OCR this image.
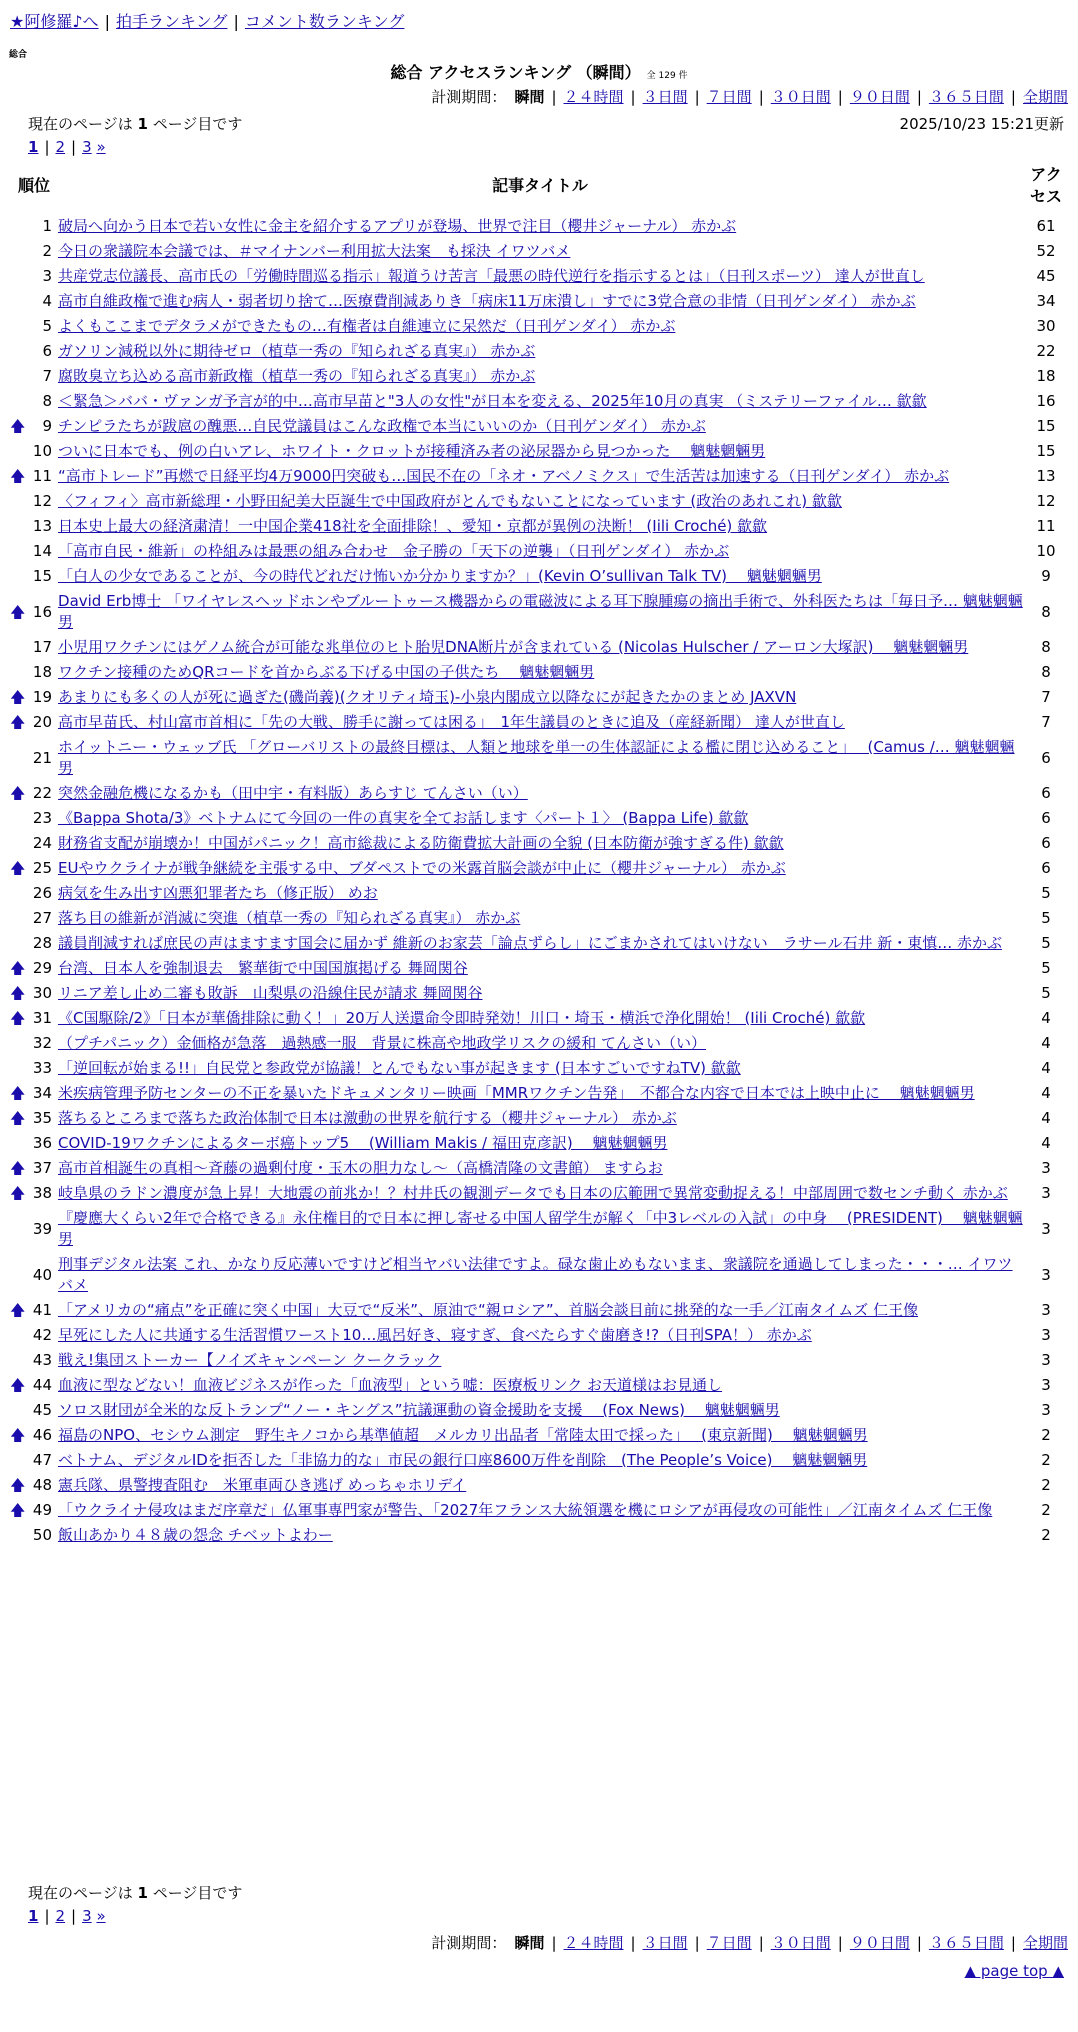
★阿修羅♪へ | 拍手ランキング | コメント数ランキング
総合
総合 アクセスランキング （瞬間） 全 129 件
計測期間： 瞬間 | ２４時間 | ３日間 | ７日間 | ３０日間 | ９０日間 | ３６５日間 | 全期間
現在のページは 1 ページ目です	2025/10/23 15:21更新
1 | 2 | 3 »
順位		記事タイトル	アクセス
	1	破局へ向かう日本で若い女性に金主を紹介するアプリが登場、世界で注目（櫻井ジャーナル） 赤かぶ	61
	2	今日の衆議院本会議では、＃マイナンバー利用拡大法案　も採決 イワツバメ	52
	3	共産党志位議長、高市氏の「労働時間巡る指示」報道うけ苦言「最悪の時代逆行を指示するとは」（日刊スポーツ） 達人が世直し	45
	4	高市自維政権で進む病人・弱者切り捨て…医療費削減ありき「病床11万床潰し」すでに3党合意の非情（日刊ゲンダイ） 赤かぶ	34
	5	よくもここまでデタラメができたもの…有権者は自維連立に呆然だ（日刊ゲンダイ） 赤かぶ	30
	6	ガソリン減税以外に期待ゼロ（植草一秀の『知られざる真実』） 赤かぶ	22
	7	腐敗臭立ち込める高市新政権（植草一秀の『知られざる真実』） 赤かぶ	18
	8	＜緊急＞ババ・ヴァンガ予言が的中…高市早苗と"3人の女性"が日本を変える、2025年10月の真実 （ミステリーファイル… 歙歙	16
🡅	9	チンピラたちが跋扈の醜悪…自民党議員はこんな政権で本当にいいのか（日刊ゲンダイ） 赤かぶ	15
	10	ついに日本でも、例の白いアレ、ホワイト・クロットが接種済み者の泌尿器から見つかった　 魑魅魍魎男	15
🡅	11	“高市トレード”再燃で日経平均4万9000円突破も…国民不在の「ネオ・アベノミクス」で生活苦は加速する（日刊ゲンダイ） 赤かぶ	13
	12	〈フィフィ〉高市新総理・小野田紀美大臣誕生で中国政府がとんでもないことになっています (政治のあれこれ) 歙歙	12
	13	日本史上最大の経済粛清！一中国企業418社を全面排除！、愛知・京都が異例の決断！ (Iili Croché) 歙歙	11
	14	「高市自民・維新」の枠組みは最悪の組み合わせ　金子勝の「天下の逆襲」（日刊ゲンダイ） 赤かぶ	10
	15	「白人の少女であることが、今の時代どれだけ怖いか分かりますか？」(Kevin O’sullivan Talk TV)　 魑魅魍魎男	9
🡅	16	David Erb博士 「ワイヤレスヘッドホンやブルートゥース機器からの電磁波による耳下腺腫瘍の摘出手術で、外科医たちは「毎日予… 魑魅魍魎男	8
	17	小児用ワクチンにはゲノム統合が可能な兆単位のヒト胎児DNA断片が含まれている (Nicolas Hulscher / アーロン大塚訳)　 魑魅魍魎男	8
	18	ワクチン接種のためQRコードを首からぶる下げる中国の子供たち　 魑魅魍魎男	8
🡅	19	あまりにも多くの人が死に過ぎた(磯尚義)(クオリティ埼玉)-小泉内閣成立以降なにが起きたかのまとめ JAXVN	7
🡅	20	高市早苗氏、村山富市首相に「先の大戦、勝手に謝っては困る」　1年生議員のときに追及（産経新聞） 達人が世直し	7
	21	ホイットニー・ウェッブ氏 「グローバリストの最終目標は、人類と地球を単一の生体認証による檻に閉じ込めること」　 (Camus /… 魑魅魍魎男	6
🡅	22	突然金融危機になるかも（田中宇・有料版）あらすじ てんさい（い）	6
	23	《Bappa Shota/3》ベトナムにて今回の一件の真実を全てお話します〈パート１〉 (Bappa Life) 歙歙	6
	24	財務省支配が崩壊か！中国がパニック！高市総裁による防衛費拡大計画の全貌 (日本防衛が強すぎる件) 歙歙	6
🡅	25	EUやウクライナが戦争継続を主張する中、ブダペストでの米露首脳会談が中止に（櫻井ジャーナル） 赤かぶ	6
	26	病気を生み出す凶悪犯罪者たち（修正版） めお	5
	27	落ち目の維新が消滅に突進（植草一秀の『知られざる真実』） 赤かぶ	5
	28	議員削減すれば庶民の声はますます国会に届かず 維新のお家芸「論点ずらし」にごまかされてはいけない　ラサール石井 新・東慎… 赤かぶ	5
🡅	29	台湾、日本人を強制退去　繁華街で中国国旗掲げる 舞岡関谷	5
🡅	30	リニア差し止め二審も敗訴　山梨県の沿線住民が請求 舞岡関谷	5
🡅	31	《C国駆除/2》「日本が華僑排除に動く！」20万人送還命令即時発効！川口・埼玉・横浜で浄化開始！ (Iili Croché) 歙歙	4
	32	（プチパニック）金価格が急落　過熱感一服　背景に株高や地政学リスクの緩和 てんさい（い）	4
	33	「逆回転が始まる!!」自民党と参政党が協議！とんでもない事が起きます (日本すごいですねTV) 歙歙	4
🡅	34	米疾病管理予防センターの不正を暴いたドキュメンタリー映画「MMRワクチン告発」　不都合な内容で日本では上映中止に　 魑魅魍魎男	4
🡅	35	落ちるところまで落ちた政治体制で日本は激動の世界を航行する（櫻井ジャーナル） 赤かぶ	4
	36	COVID-19ワクチンによるターボ癌トップ5　 (William Makis / 福田克彦訳)　 魑魅魍魎男	4
🡅	37	高市首相誕生の真相〜斉藤の過剰付度・玉木の胆力なし〜（高橋清隆の文書館） ますらお	3
🡅	38	岐阜県のラドン濃度が急上昇！大地震の前兆か！？村井氏の観測データでも日本の広範囲で異常変動捉える！中部周囲で数センチ動く 赤かぶ	3
	39	『慶應大くらい2年で合格できる』永住権目的で日本に押し寄せる中国人留学生が解く「中3レベルの入試」の中身　 (PRESIDENT)　 魑魅魍魎男	3
	40	刑事デジタル法案 これ、かなり反応薄いですけど相当ヤバい法律ですよ。碌な歯止めもないまま、衆議院を通過してしまった・・・… イワツバメ	3
🡅	41	「アメリカの“痛点”を正確に突く中国」大豆で“反米”、原油で“親ロシア”、首脳会談目前に挑発的な一手／江南タイムズ 仁王像	3
	42	早死にした人に共通する生活習慣ワースト10…風呂好き、寝すぎ、食べたらすぐ歯磨き!?（日刊SPA！） 赤かぶ	3
	43	戦え!集団ストーカー【ノイズキャンペーン クークラック	3
🡅	44	血液に型などない！血液ビジネスが作った「血液型」という嘘：医療板リンク お天道様はお見通し	3
	45	ソロス財団が全米的な反トランプ“ノー・キングス”抗議運動の資金援助を支援　 (Fox News)　 魑魅魍魎男	3
🡅	46	福島のNPO、セシウム測定　野生キノコから基準値超　メルカリ出品者「常陸太田で採った」　 (東京新聞)　 魑魅魍魎男	2
	47	ベトナム、デジタルIDを拒否した「非協力的な」市民の銀行口座8600万件を削除　(The People’s Voice)　 魑魅魍魎男	2
🡅	48	憲兵隊、県警捜査阻む　米軍車両ひき逃げ めっちゃホリデイ	2
🡅	49	「ウクライナ侵攻はまだ序章だ」仏軍事専門家が警告、「2027年フランス大統領選を機にロシアが再侵攻の可能性」／江南タイムズ 仁王像	2
	50	飯山あかり４８歳の怨念 チベットよわー	2
現在のページは 1 ページ目です
1 | 2 | 3 »
計測期間： 瞬間 | ２４時間 | ３日間 | ７日間 | ３０日間 | ９０日間 | ３６５日間 | 全期間
▲ page top ▲
